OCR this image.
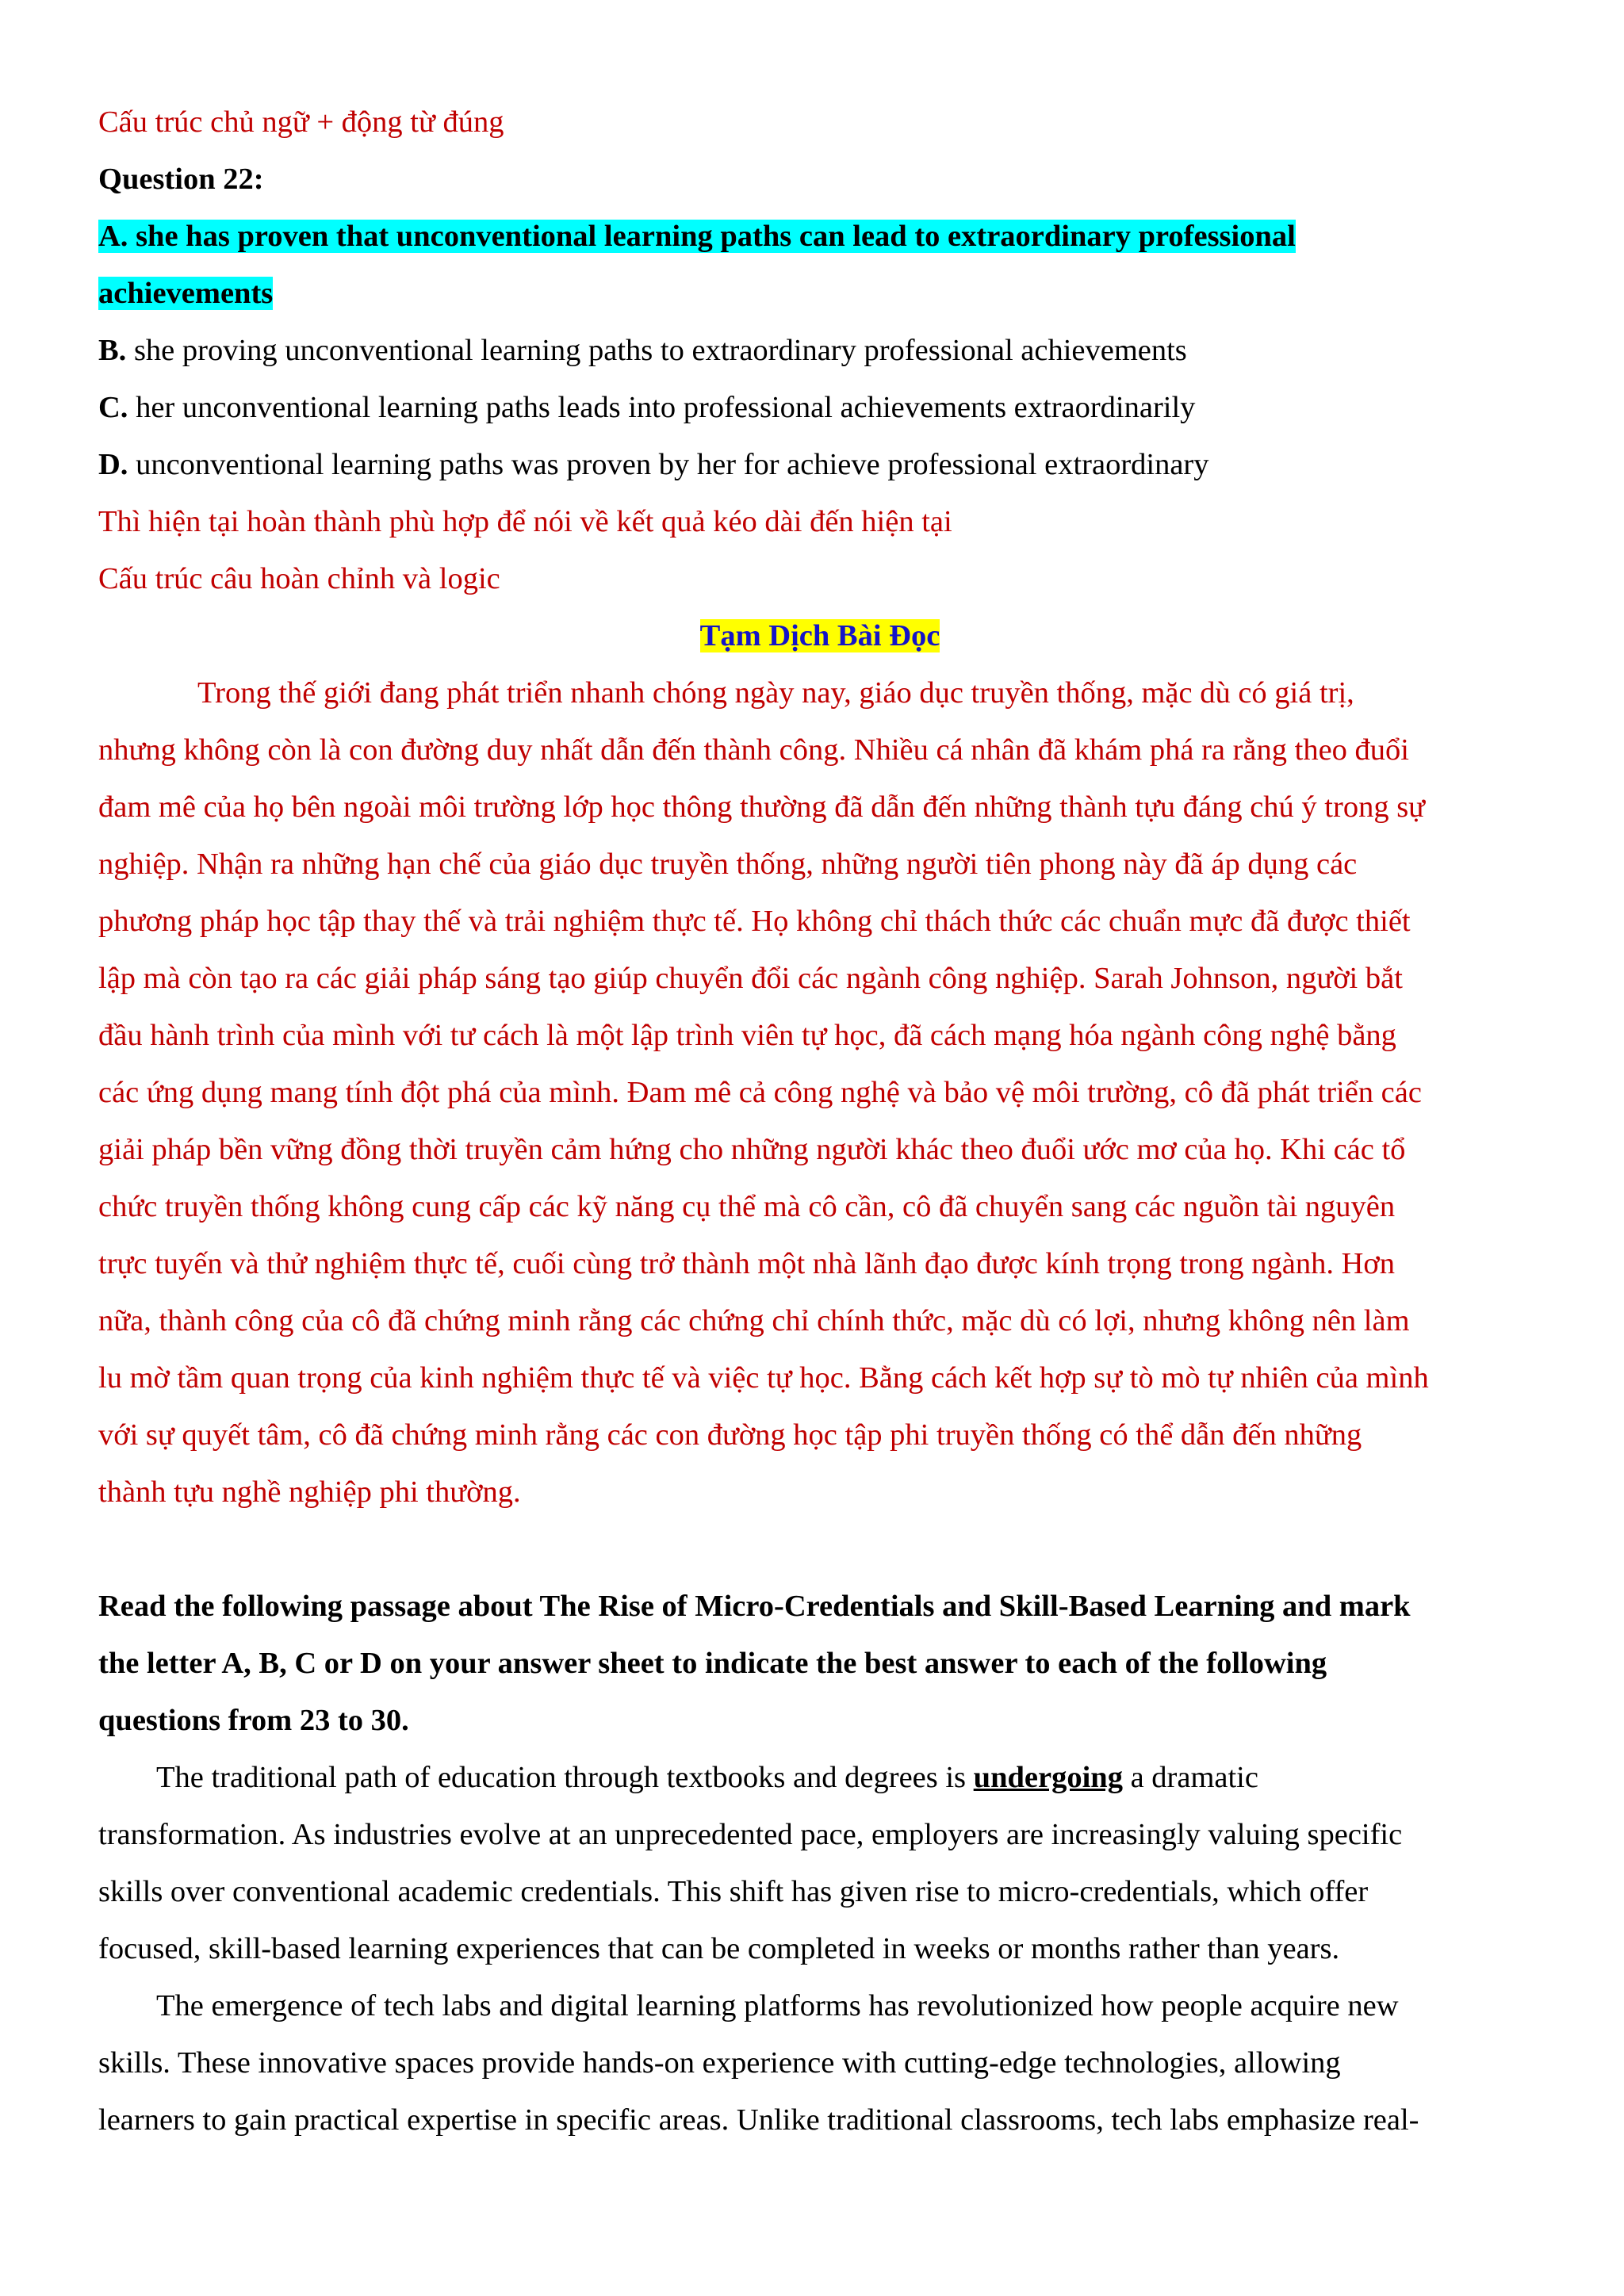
Cấu trúc chủ ngữ + động từ đúng
Question 22:
A. she has proven that unconventional learning paths can lead to extraordinary professional
achievements
B. she proving unconventional learning paths to extraordinary professional achievements
C. her unconventional learning paths leads into professional achievements extraordinarily
D. unconventional learning paths was proven by her for achieve professional extraordinary
Thì hiện tại hoàn thành phù hợp để nói về kết quả kéo dài đến hiện tại
Cấu trúc câu hoàn chỉnh và logic
Tạm Dịch Bài Đọc
Trong thế giới đang phát triển nhanh chóng ngày nay, giáo dục truyền thống, mặc dù có giá trị,
nhưng không còn là con đường duy nhất dẫn đến thành công. Nhiều cá nhân đã khám phá ra rằng theo đuổi
đam mê của họ bên ngoài môi trường lớp học thông thường đã dẫn đến những thành tựu đáng chú ý trong sự
nghiệp. Nhận ra những hạn chế của giáo dục truyền thống, những người tiên phong này đã áp dụng các
phương pháp học tập thay thế và trải nghiệm thực tế. Họ không chỉ thách thức các chuẩn mực đã được thiết
lập mà còn tạo ra các giải pháp sáng tạo giúp chuyển đổi các ngành công nghiệp. Sarah Johnson, người bắt
đầu hành trình của mình với tư cách là một lập trình viên tự học, đã cách mạng hóa ngành công nghệ bằng
các ứng dụng mang tính đột phá của mình. Đam mê cả công nghệ và bảo vệ môi trường, cô đã phát triển các
giải pháp bền vững đồng thời truyền cảm hứng cho những người khác theo đuổi ước mơ của họ. Khi các tổ
chức truyền thống không cung cấp các kỹ năng cụ thể mà cô cần, cô đã chuyển sang các nguồn tài nguyên
trực tuyến và thử nghiệm thực tế, cuối cùng trở thành một nhà lãnh đạo được kính trọng trong ngành. Hơn
nữa, thành công của cô đã chứng minh rằng các chứng chỉ chính thức, mặc dù có lợi, nhưng không nên làm
lu mờ tầm quan trọng của kinh nghiệm thực tế và việc tự học. Bằng cách kết hợp sự tò mò tự nhiên của mình
với sự quyết tâm, cô đã chứng minh rằng các con đường học tập phi truyền thống có thể dẫn đến những
thành tựu nghề nghiệp phi thường.
Read the following passage about The Rise of Micro-Credentials and Skill-Based Learning and mark
the letter A, B, C or D on your answer sheet to indicate the best answer to each of the following
questions from 23 to 30.
The traditional path of education through textbooks and degrees is undergoing a dramatic
transformation. As industries evolve at an unprecedented pace, employers are increasingly valuing specific
skills over conventional academic credentials. This shift has given rise to micro-credentials, which offer
focused, skill-based learning experiences that can be completed in weeks or months rather than years.
The emergence of tech labs and digital learning platforms has revolutionized how people acquire new
skills. These innovative spaces provide hands-on experience with cutting-edge technologies, allowing
learners to gain practical expertise in specific areas. Unlike traditional classrooms, tech labs emphasize real-
